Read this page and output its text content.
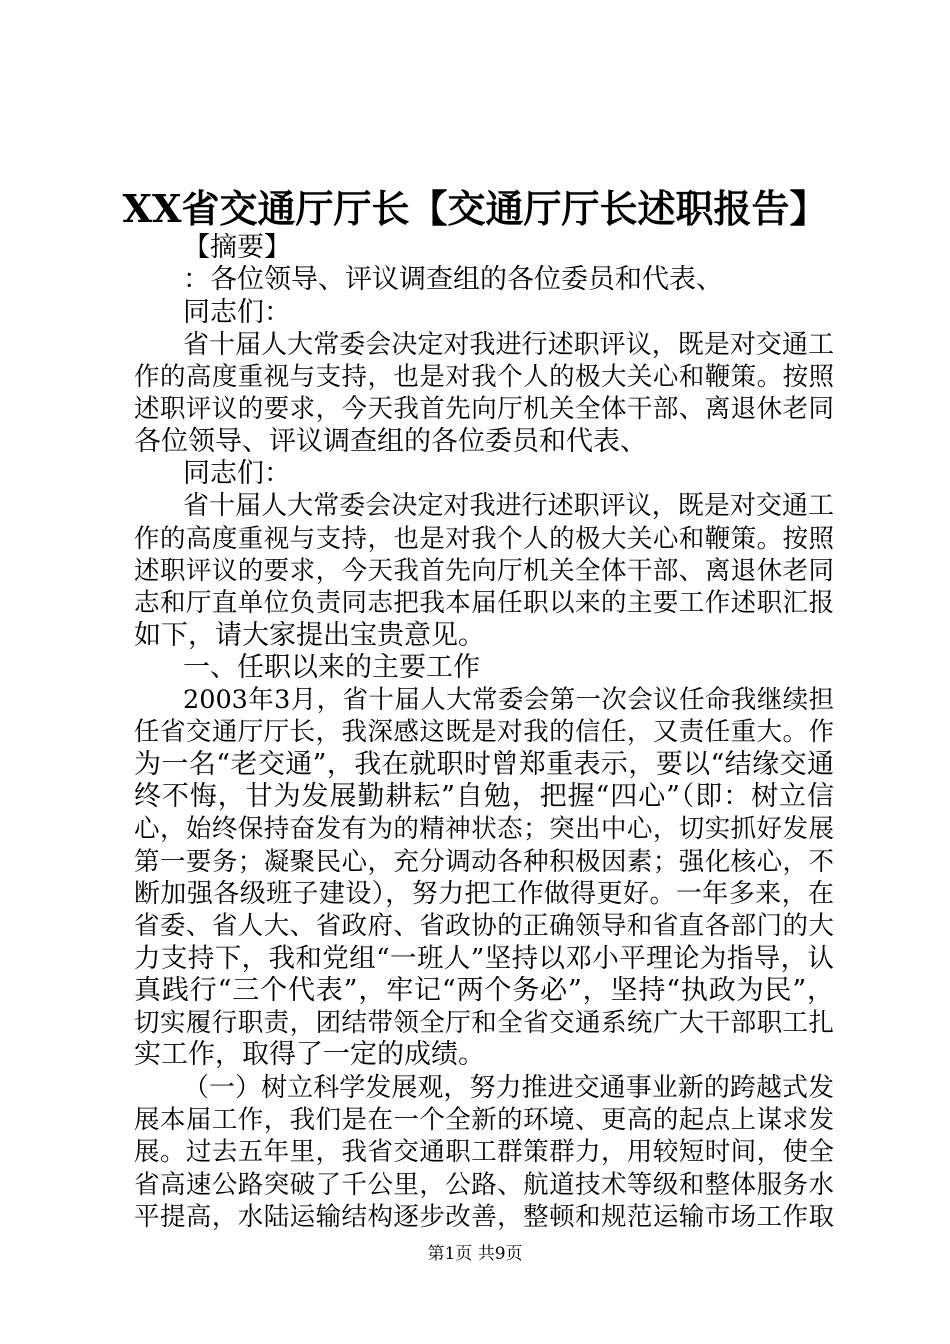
XX省交通厅厅长【交通厅厅长述职报告】
【摘要】
：各位领导、评议调查组的各位委员和代表、
同志们：
省十届人大常委会决定对我进行述职评议，既是对交通工
作的高度重视与支持，也是对我个人的极大关心和鞭策。按照
述职评议的要求，今天我首先向厅机关全体干部、离退休老同
各位领导、评议调查组的各位委员和代表、
同志们：
省十届人大常委会决定对我进行述职评议，既是对交通工
作的高度重视与支持，也是对我个人的极大关心和鞭策。按照
述职评议的要求，今天我首先向厅机关全体干部、离退休老同
志和厅直单位负责同志把我本届任职以来的主要工作述职汇报
如下，请大家提出宝贵意见。
一、任职以来的主要工作
2003年3月，省十届人大常委会第一次会议任命我继续担
任省交通厅厅长，我深感这既是对我的信任，又责任重大。作
为一名“老交通”，我在就职时曾郑重表示，要以“结缘交通
终不悔，甘为发展勤耕耘”自勉，把握“四心”（即：树立信
心，始终保持奋发有为的精神状态；突出中心，切实抓好发展
第一要务；凝聚民心，充分调动各种积极因素；强化核心，不
断加强各级班子建设），努力把工作做得更好。一年多来，在
省委、省人大、省政府、省政协的正确领导和省直各部门的大
力支持下，我和党组“一班人”坚持以邓小平理论为指导，认
真践行“三个代表”，牢记“两个务必”，坚持“执政为民”，
切实履行职责，团结带领全厅和全省交通系统广大干部职工扎
实工作，取得了一定的成绩。
（一）树立科学发展观，努力推进交通事业新的跨越式发
展本届工作，我们是在一个全新的环境、更高的起点上谋求发
展。过去五年里，我省交通职工群策群力，用较短时间，使全
省高速公路突破了千公里，公路、航道技术等级和整体服务水
平提高，水陆运输结构逐步改善，整顿和规范运输市场工作取
第1页 共9页
